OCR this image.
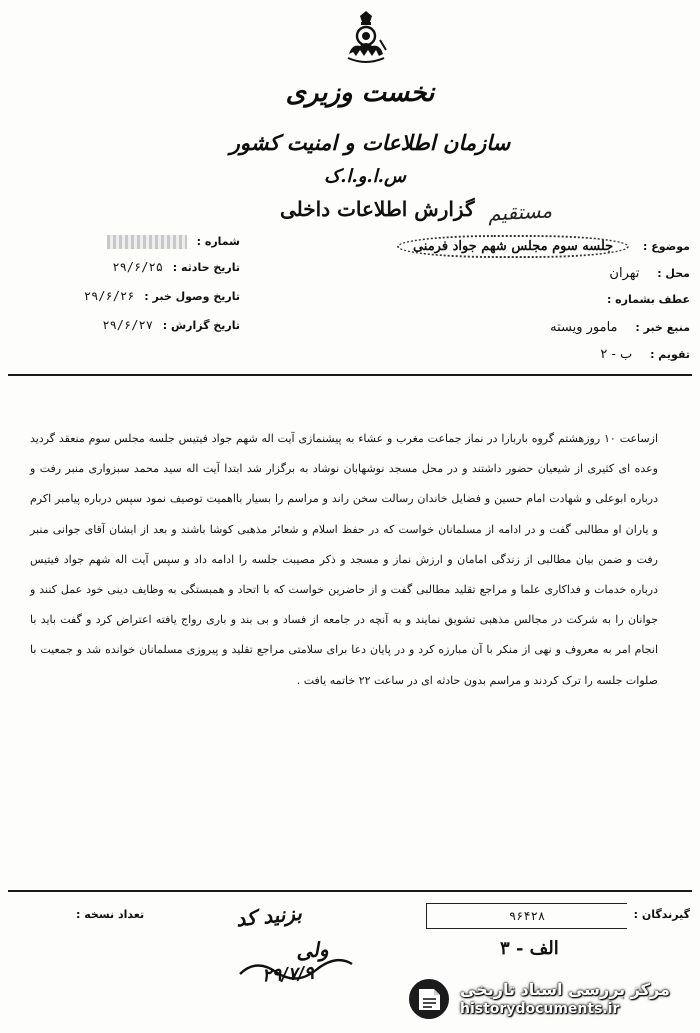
نخست وزیری
سازمان اطلاعات و امنیت کشور
س.ا.و.ا.ک
گزارش اطلاعات داخلی مستقیم
موضوع : جلسه سوم مجلس شهم جواد فرمنی
محل : تهران
عطف بشماره :
منبع خبر : مامور ویسته
تقویم : ب - ۲
شماره :
تاریخ حادثه : ۲۹/۶/۲۵
تاریخ وصول خبر : ۲۹/۶/۲۶
تاریخ گزارش : ۲۹/۶/۲۷

ازساعت ۱۰ روزهشتم گروه باربارا در نماز جماعت مغرب و عشاء به پیشنمازی آیت اله شهم جواد فیتیس جلسه مجلس سوم منعقد گردید وعده ای کثیری از شیعیان حضور داشتند و در محل مسجد نوشهابان نوشاد به برگزار شد ابتدا آیت اله سید محمد سبزواری منبر رفت و درباره ابوعلی و شهادت امام حسین و فضایل خاندان رسالت سخن راند و مراسم را بسیار بااهمیت توصیف نمود سپس درباره پیامبر اکرم و یاران او مطالبی گفت و در ادامه از مسلمانان خواست که در حفظ اسلام و شعائر مذهبی کوشا باشند و بعد از ایشان آقای جوانی منبر رفت و ضمن بیان مطالبی از زندگی امامان و ارزش نماز و مسجد و ذکر مصیبت جلسه را ادامه داد و سپس آیت اله شهم جواد فیتیس درباره خدمات و فداکاری علما و مراجع تقلید مطالبی گفت و از حاضرین خواست که با اتحاد و همبستگی به وظایف دینی خود عمل کنند و جوانان را به شرکت در مجالس مذهبی تشویق نمایند و به آنچه در جامعه از فساد و بی بند و باری رواج یافته اعتراض کرد و گفت باید با انجام امر به معروف و نهی از منکر با آن مبارزه کرد و در پایان دعا برای سلامتی مراجع تقلید و پیروزی مسلمانان خوانده شد و جمعیت با صلوات جلسه را ترک کردند و مراسم بدون حادثه ای در ساعت ۲۲ خاتمه یافت .

گیرندگان :
۹۶۴۲۸
تعداد نسخه :
الف - ۳
بزنید کد
ولی
۲۹/۷/۹
مرکز بررسی اسناد تاریخی
historydocuments.ir
